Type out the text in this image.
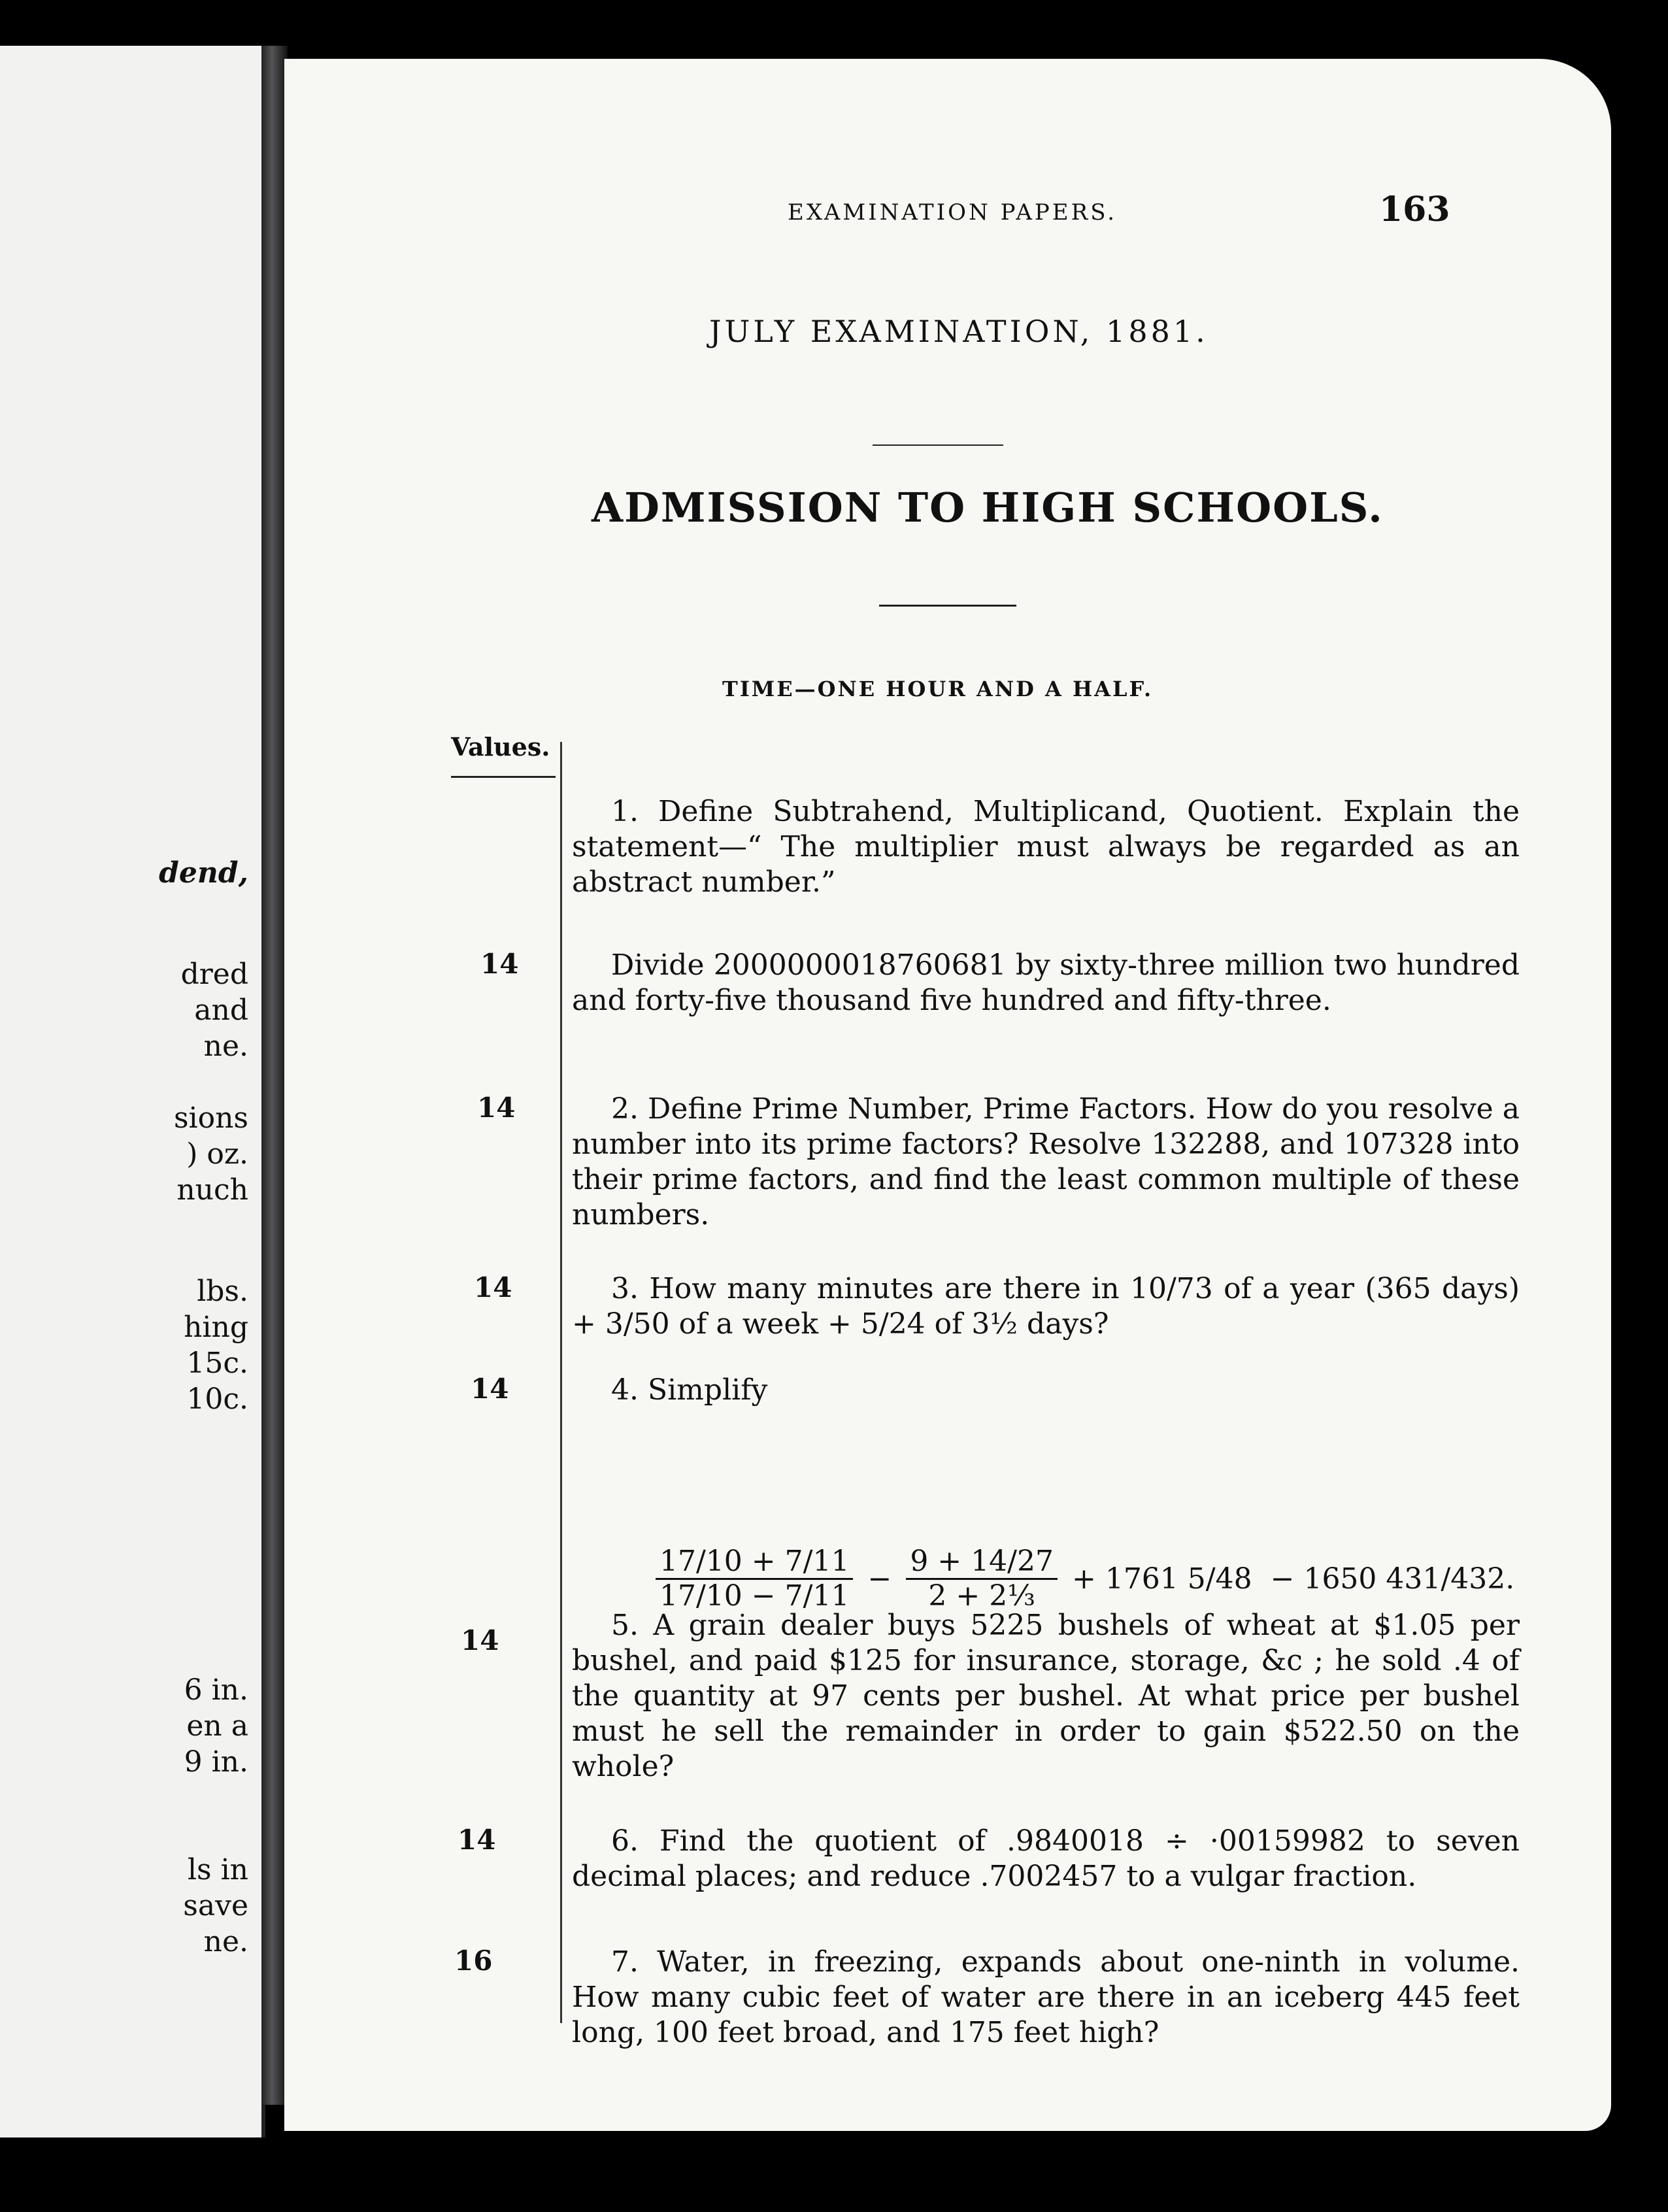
dend,
dred
and
ne.
sions
) oz.
nuch
lbs.
hing
15c.
10c.
6 in.
en a
9 in.
ls in
save
ne.
EXAMINATION PAPERS.	163
JULY EXAMINATION, 1881.
ADMISSION TO HIGH SCHOOLS.
TIME—ONE HOUR AND A HALF.
Values.
1. Define Subtrahend, Multiplicand, Quotient. Explain the statement—“ The multiplier must always be regarded as an abstract number.”
14	Divide 2000000018760681 by sixty-three million two hundred and forty-five thousand five hundred and fifty-three.
14	2. Define Prime Number, Prime Factors. How do you resolve a number into its prime factors? Resolve 132288, and 107328 into their prime factors, and find the least common multiple of these numbers.
14	3. How many minutes are there in 10/73 of a year (365 days) + 3/50 of a week + 5/24 of 3½ days?
14	4. Simplify
$\frac{17/10 + 7/11}{17/10 - 7/11} - \frac{9 + 14/27}{\text{2 + 2⅓}} + 1761$ 5/48 − 1650 431/432.
14	5. A grain dealer buys 5225 bushels of wheat at $1.05 per bushel, and paid $125 for insurance, storage, &c ; he sold .4 of the quantity at 97 cents per bushel. At what price per bushel must he sell the remainder in order to gain $522.50 on the whole?
14	6. Find the quotient of .9840018 ÷ ·00159982 to seven decimal places; and reduce .7002457 to a vulgar fraction.
16	7. Water, in freezing, expands about one-ninth in volume. How many cubic feet of water are there in an iceberg 445 feet long, 100 feet broad, and 175 feet high?
